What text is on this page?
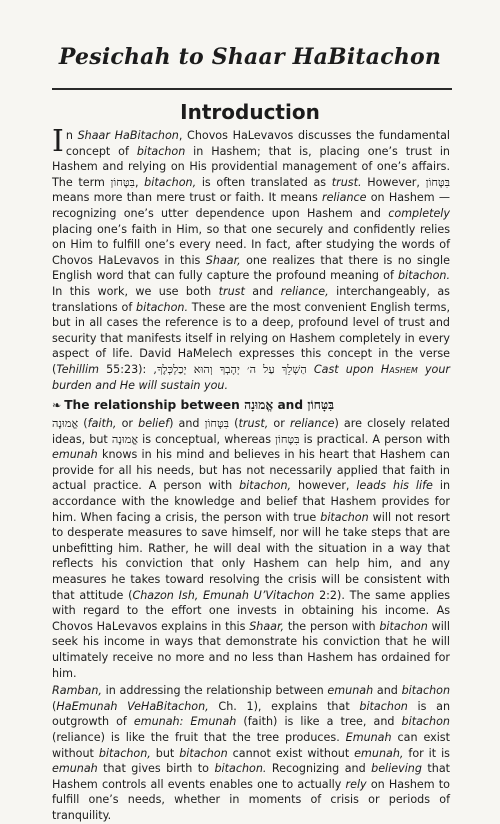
Pesichah to Shaar HaBitachon
Introduction

In Shaar HaBitachon, Chovos HaLevavos discusses the fundamental concept of bitachon in Hashem; that is, placing one’s trust in Hashem and relying on His providential management of one’s affairs. The term בִּטָּחוֹן, bitachon, is often translated as trust. However, בִּטָּחוֹן means more than mere trust or faith. It means reliance on Hashem — recognizing one’s utter dependence upon Hashem and completely placing one’s faith in Him, so that one securely and confidently relies on Him to fulfill one’s every need. In fact, after studying the words of Chovos HaLevavos in this Shaar, one realizes that there is no single English word that can fully capture the profound meaning of bitachon. In this work, we use both trust and reliance, interchangeably, as translations of bitachon. These are the most convenient English terms, but in all cases the reference is to a deep, profound level of trust and security that manifests itself in relying on Hashem completely in every aspect of life. David HaMelech expresses this concept in the verse (Tehillim 55:23): הַשְׁלֵךְ עַל ה׳ יְהָבְךָ וְהוּא יְכַלְכְּלֶךָ, Cast upon Hashem your burden and He will sustain you.

❧ The relationship between אֱמוּנָה and בִּטָּחוֹן

אֱמוּנָה (faith, or belief) and בִּטָּחוֹן (trust, or reliance) are closely related ideas, but אֱמוּנָה is conceptual, whereas בִּטָּחוֹן is practical. A person with emunah knows in his mind and believes in his heart that Hashem can provide for all his needs, but has not necessarily applied that faith in actual practice. A person with bitachon, however, leads his life in accordance with the knowledge and belief that Hashem provides for him. When facing a crisis, the person with true bitachon will not resort to desperate measures to save himself, nor will he take steps that are unbefitting him. Rather, he will deal with the situation in a way that reflects his conviction that only Hashem can help him, and any measures he takes toward resolving the crisis will be consistent with that attitude (Chazon Ish, Emunah U’Vitachon 2:2). The same applies with regard to the effort one invests in obtaining his income. As Chovos HaLevavos explains in this Shaar, the person with bitachon will seek his income in ways that demonstrate his conviction that he will ultimately receive no more and no less than Hashem has ordained for him.

Ramban, in addressing the relationship between emunah and bitachon (HaEmunah VeHaBitachon, Ch. 1), explains that bitachon is an outgrowth of emunah: Emunah (faith) is like a tree, and bitachon (reliance) is like the fruit that the tree produces. Emunah can exist without bitachon, but bitachon cannot exist without emunah, for it is emunah that gives birth to bitachon. Recognizing and believing that Hashem controls all events enables one to actually rely on Hashem to fulfill one’s needs, whether in moments of crisis or periods of tranquility.
